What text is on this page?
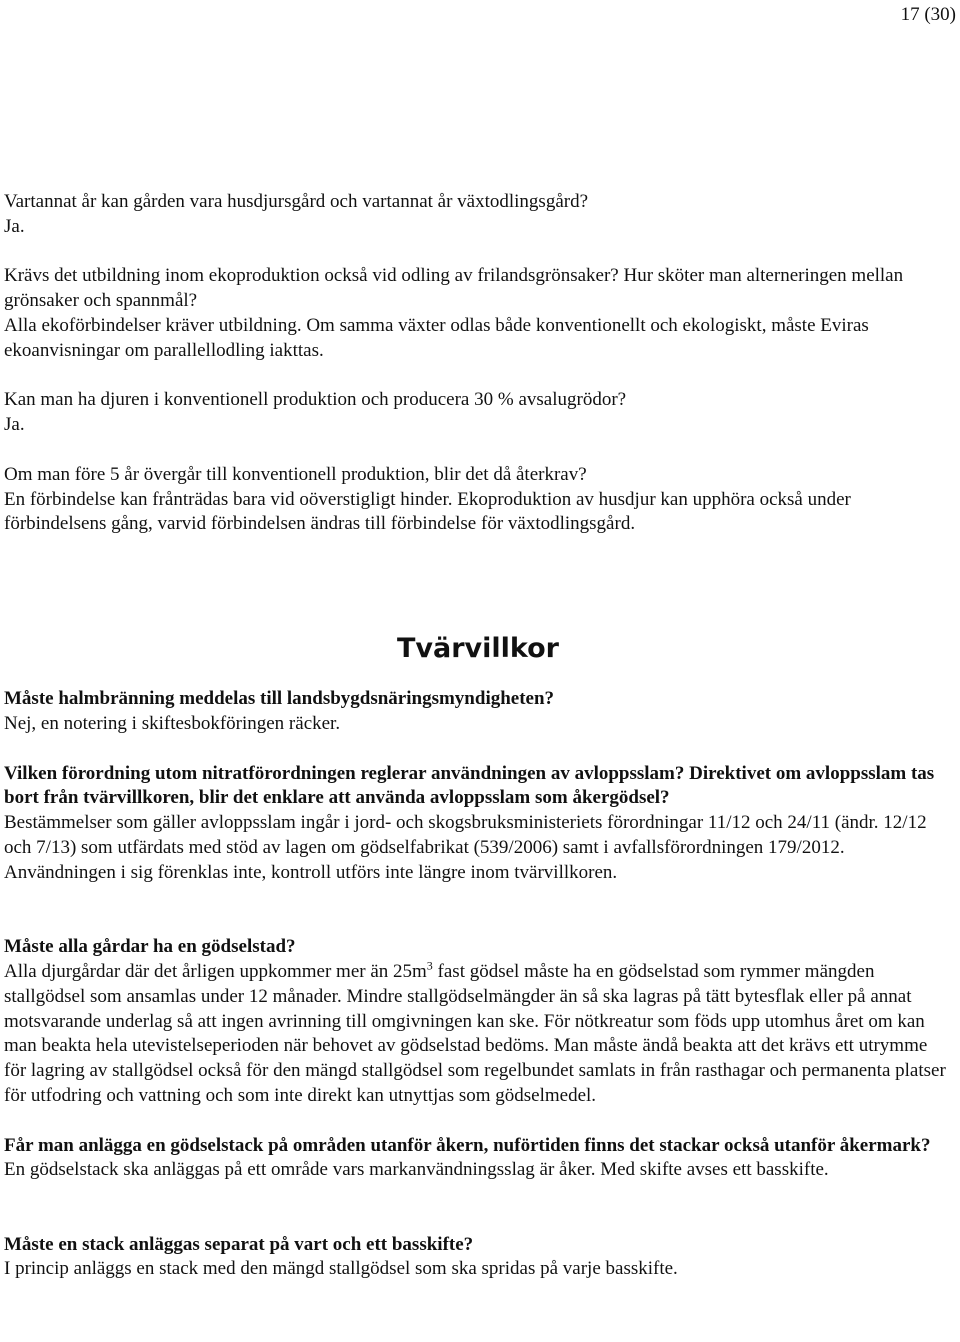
17 (30)

Vartannat år kan gården vara husdjursgård och vartannat år växtodlingsgård?

Ja.

Krävs det utbildning inom ekoproduktion också vid odling av frilandsgrönsaker? Hur sköter man alterneringen mellan grönsaker och spannmål?

Alla ekoförbindelser kräver utbildning. Om samma växter odlas både konventionellt och ekologiskt, måste Eviras ekoanvisningar om parallellodling iakttas.

Kan man ha djuren i konventionell produktion och producera 30 % avsalugrödor?

Ja.

Om man före 5 år övergår till konventionell produktion, blir det då återkrav?

En förbindelse kan frånträdas bara vid oöverstigligt hinder. Ekoproduktion av husdjur kan upphöra också under förbindelsens gång, varvid förbindelsen ändras till förbindelse för växtodlingsgård.

Tvärvillkor

Måste halmbränning meddelas till landsbygdsnäringsmyndigheten?

Nej, en notering i skiftesbokföringen räcker.

Vilken förordning utom nitratförordningen reglerar användningen av avloppsslam? Direktivet om avloppsslam tas bort från tvärvillkoren, blir det enklare att använda avloppsslam som åkergödsel?

Bestämmelser som gäller avloppsslam ingår i jord- och skogsbruksministeriets förordningar 11/12 och 24/11 (ändr. 12/12 och 7/13) som utfärdats med stöd av lagen om gödselfabrikat (539/2006) samt i avfallsförordningen 179/2012. Användningen i sig förenklas inte, kontroll utförs inte längre inom tvärvillkoren.

Måste alla gårdar ha en gödselstad?

Alla djurgårdar där det årligen uppkommer mer än $25m^3$ fast gödsel måste ha en gödselstad som rymmer mängden stallgödsel som ansamlas under 12 månader. Mindre stallgödselmängder än så ska lagras på tätt bytesflak eller på annat motsvarande underlag så att ingen avrinning till omgivningen kan ske. För nötkreatur som föds upp utomhus året om kan man beakta hela utevistelseperioden när behovet av gödselstad bedöms. Man måste ändå beakta att det krävs ett utrymme för lagring av stallgödsel också för den mängd stallgödsel som regelbundet samlats in från rasthagar och permanenta platser för utfodring och vattning och som inte direkt kan utnyttjas som gödselmedel.

Får man anlägga en gödselstack på områden utanför åkern, nuförtiden finns det stackar också utanför åkermark?

En gödselstack ska anläggas på ett område vars markanvändningsslag är åker. Med skifte avses ett basskifte.

Måste en stack anläggas separat på vart och ett basskifte?

I princip anläggs en stack med den mängd stallgödsel som ska spridas på varje basskifte.
